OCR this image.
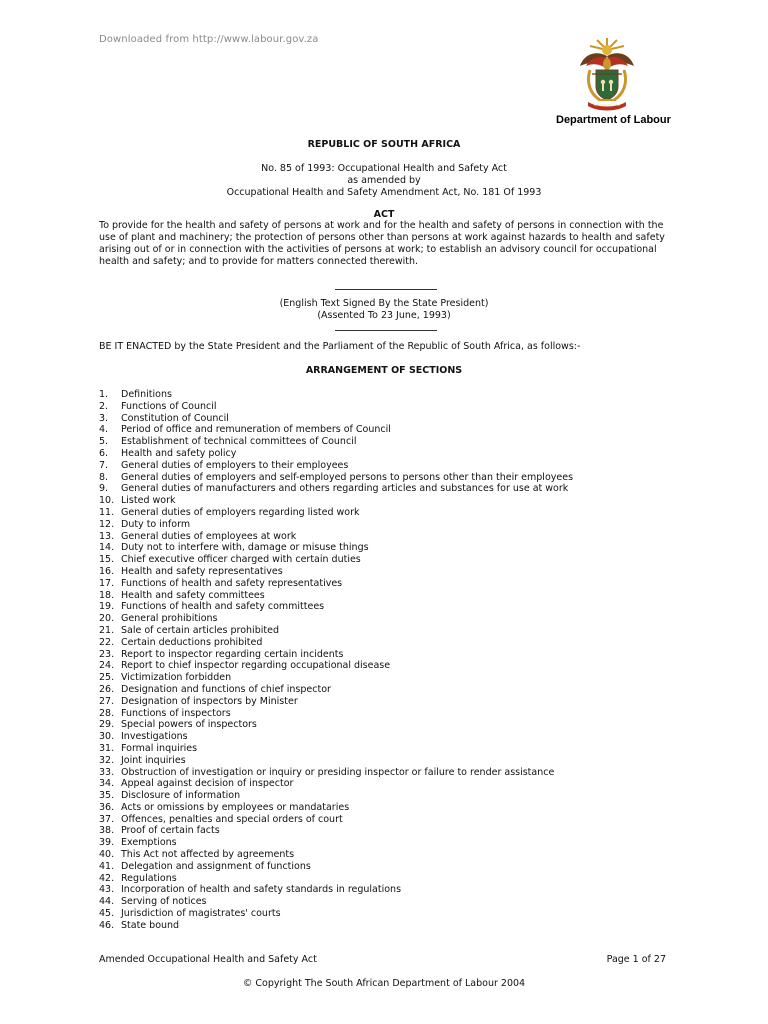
Downloaded from http://www.labour.gov.za
Department of Labour
REPUBLIC OF SOUTH AFRICA
No. 85 of 1993: Occupational Health and Safety Act
as amended by
Occupational Health and Safety Amendment Act, No. 181 Of 1993
ACT
To provide for the health and safety of persons at work and for the health and safety of persons in connection with the use of plant and machinery; the protection of persons other than persons at work against hazards to health and safety arising out of or in connection with the activities of persons at work; to establish an advisory council for occupational health and safety; and to provide for matters connected therewith.
(English Text Signed By the State President)
(Assented To 23 June, 1993)
BE IT ENACTED by the State President and the Parliament of the Republic of South Africa, as follows:-
ARRANGEMENT OF SECTIONS
1.	Definitions
2.	Functions of Council
3.	Constitution of Council
4.	Period of office and remuneration of members of Council
5.	Establishment of technical committees of Council
6.	Health and safety policy
7.	General duties of employers to their employees
8.	General duties of employers and self-employed persons to persons other than their employees
9.	General duties of manufacturers and others regarding articles and substances for use at work
10. Listed work
11. General duties of employers regarding listed work
12. Duty to inform
13. General duties of employees at work
14. Duty not to interfere with, damage or misuse things
15. Chief executive officer charged with certain duties
16. Health and safety representatives
17. Functions of health and safety representatives
18. Health and safety committees
19. Functions of health and safety committees
20. General prohibitions
21. Sale of certain articles prohibited
22. Certain deductions prohibited
23. Report to inspector regarding certain incidents
24. Report to chief inspector regarding occupational disease
25. Victimization forbidden
26. Designation and functions of chief inspector
27. Designation of inspectors by Minister
28. Functions of inspectors
29. Special powers of inspectors
30. Investigations
31. Formal inquiries
32. Joint inquiries
33. Obstruction of investigation or inquiry or presiding inspector or failure to render assistance
34. Appeal against decision of inspector
35. Disclosure of information
36. Acts or omissions by employees or mandataries
37. Offences, penalties and special orders of court
38. Proof of certain facts
39. Exemptions
40. This Act not affected by agreements
41. Delegation and assignment of functions
42. Regulations
43. Incorporation of health and safety standards in regulations
44. Serving of notices
45. Jurisdiction of magistrates' courts
46. State bound
Amended Occupational Health and Safety Act	Page 1 of 27
© Copyright The South African Department of Labour 2004
